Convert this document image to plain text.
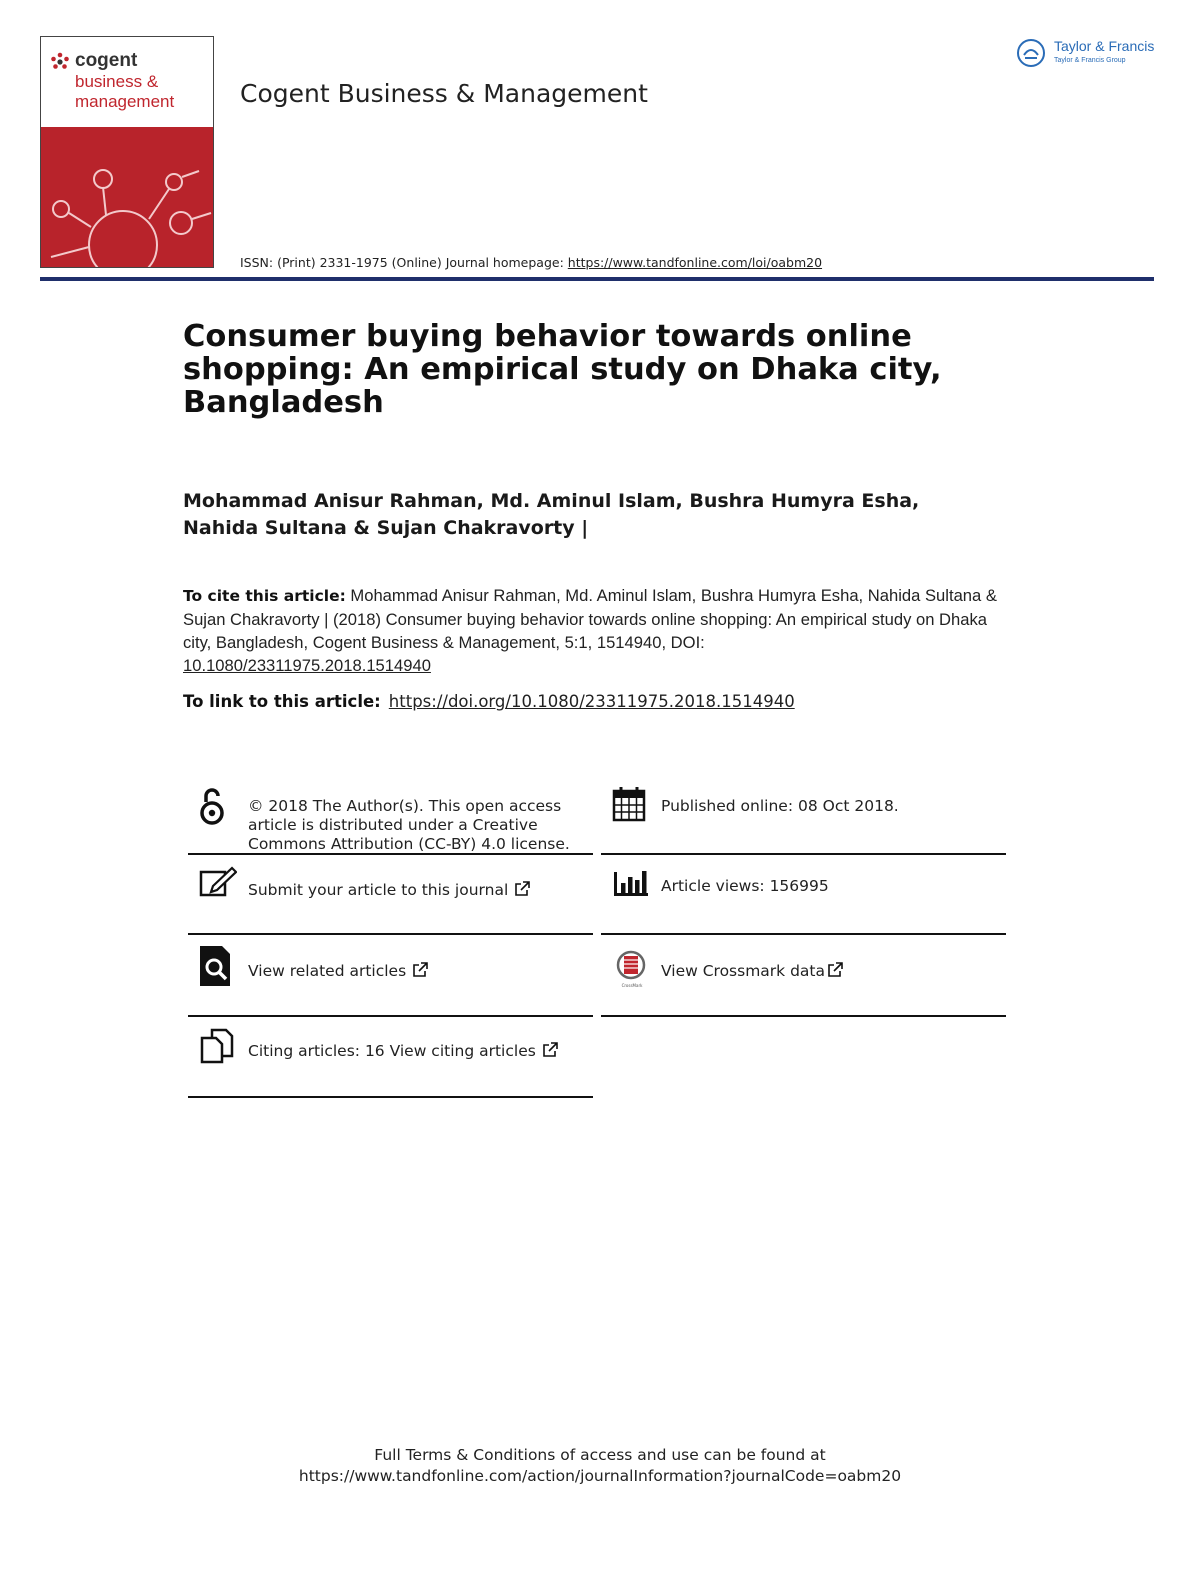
cogent
business &
management
Taylor & Francis
Taylor & Francis Group
Cogent Business & Management
ISSN: (Print) 2331-1975 (Online) Journal homepage: https://www.tandfonline.com/loi/oabm20
Consumer buying behavior towards online shopping: An empirical study on Dhaka city, Bangladesh
Mohammad Anisur Rahman, Md. Aminul Islam, Bushra Humyra Esha,
Nahida Sultana & Sujan Chakravorty |
To cite this article: Mohammad Anisur Rahman, Md. Aminul Islam, Bushra Humyra Esha, Nahida Sultana & Sujan Chakravorty | (2018) Consumer buying behavior towards online shopping: An empirical study on Dhaka city, Bangladesh, Cogent Business & Management, 5:1, 1514940, DOI:
10.1080/23311975.2018.1514940
To link to this article: https://doi.org/10.1080/23311975.2018.1514940
© 2018 The Author(s). This open access
article is distributed under a Creative
Commons Attribution (CC-BY) 4.0 license.
Published online: 08 Oct 2018.
Submit your article to this journal	Article views: 156995
View related articles
CrossMark
View Crossmark data
Citing articles: 16 View citing articles
Full Terms & Conditions of access and use can be found at
https://www.tandfonline.com/action/journalInformation?journalCode=oabm20
